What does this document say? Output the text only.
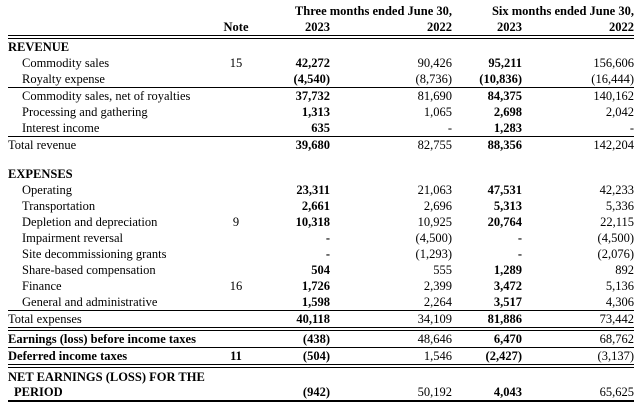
		Three months ended June 30,		Six months ended June 30,	
	Note	2023	2022	2023	2022
REVENUE					
Commodity sales	15	42,272	90,426	95,211	156,606
Royalty expense		(4,540)	(8,736)	(10,836)	(16,444)
Commodity sales, net of royalties		37,732	81,690	84,375	140,162
Processing and gathering		1,313	1,065	2,698	2,042
Interest income		635	-	1,283	-
Total revenue		39,680	82,755	88,356	142,204

EXPENSES					
Operating		23,311	21,063	47,531	42,233
Transportation		2,661	2,696	5,313	5,336
Depletion and depreciation	9	10,318	10,925	20,764	22,115
Impairment reversal		-	(4,500)	-	(4,500)
Site decommissioning grants		-	(1,293)	-	(2,076)
Share-based compensation		504	555	1,289	892
Finance	16	1,726	2,399	3,472	5,136
General and administrative		1,598	2,264	3,517	4,306
Total expenses		40,118	34,109	81,886	73,442
Earnings (loss) before income taxes		(438)	48,646	6,470	68,762
Deferred income taxes	11	(504)	1,546	(2,427)	(3,137)
NET EARNINGS (LOSS) FOR THE PERIOD		(942)	50,192	4,043	65,625
